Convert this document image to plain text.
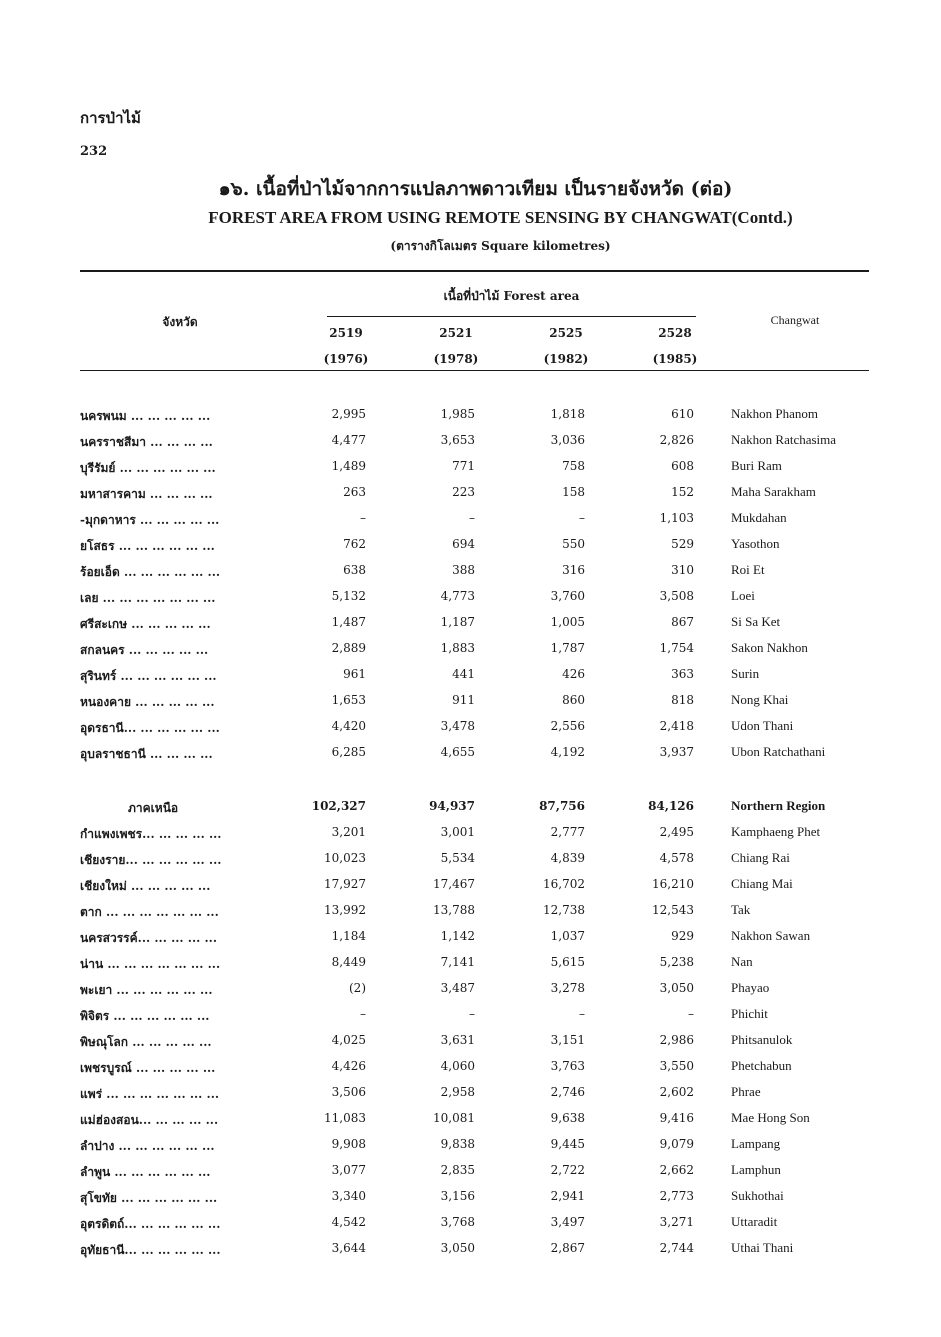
การป่าไม้
232
๑๖. เนื้อที่ป่าไม้จากการแปลภาพดาวเทียม เป็นรายจังหวัด (ต่อ)
FOREST AREA FROM USING REMOTE SENSING BY CHANGWAT(Contd.)
(ตารางกิโลเมตร Square kilometres)
จังหวัด
เนื้อที่ป่าไม้ Forest area
Changwat
2519
(1976)
2521
(1978)
2525
(1982)
2528
(1985)
นครพนม ... ... ... ... ...	2,995	1,985	1,818	610	Nakhon Phanom
นครราชสีมา ... ... ... ...	4,477	3,653	3,036	2,826	Nakhon Ratchasima
บุรีรัมย์ ... ... ... ... ... ...	1,489	771	758	608	Buri Ram
มหาสารคาม ... ... ... ...	263	223	158	152	Maha Sarakham
-มุกดาหาร ... ... ... ... ...	–	–	–	1,103	Mukdahan
ยโสธร ... ... ... ... ... ...	762	694	550	529	Yasothon
ร้อยเอ็ด ... ... ... ... ... ...	638	388	316	310	Roi Et
เลย ... ... ... ... ... ... ...	5,132	4,773	3,760	3,508	Loei
ศรีสะเกษ ... ... ... ... ...	1,487	1,187	1,005	867	Si Sa Ket
สกลนคร ... ... ... ... ...	2,889	1,883	1,787	1,754	Sakon Nakhon
สุรินทร์ ... ... ... ... ... ...	961	441	426	363	Surin
หนองคาย ... ... ... ... ...	1,653	911	860	818	Nong Khai
อุดรธานี... ... ... ... ... ...	4,420	3,478	2,556	2,418	Udon Thani
อุบลราชธานี ... ... ... ...	6,285	4,655	4,192	3,937	Ubon Ratchathani
ภาคเหนือ	102,327	94,937	87,756	84,126	Northern Region
กำแพงเพชร... ... ... ... ...	3,201	3,001	2,777	2,495	Kamphaeng Phet
เชียงราย... ... ... ... ... ...	10,023	5,534	4,839	4,578	Chiang Rai
เชียงใหม่ ... ... ... ... ...	17,927	17,467	16,702	16,210	Chiang Mai
ตาก ... ... ... ... ... ... ...	13,992	13,788	12,738	12,543	Tak
นครสวรรค์... ... ... ... ...	1,184	1,142	1,037	929	Nakhon Sawan
น่าน ... ... ... ... ... ... ...	8,449	7,141	5,615	5,238	Nan
พะเยา ... ... ... ... ... ...	(2)	3,487	3,278	3,050	Phayao
พิจิตร ... ... ... ... ... ...	–	–	–	–	Phichit
พิษณุโลก ... ... ... ... ...	4,025	3,631	3,151	2,986	Phitsanulok
เพชรบูรณ์ ... ... ... ... ...	4,426	4,060	3,763	3,550	Phetchabun
แพร่ ... ... ... ... ... ... ...	3,506	2,958	2,746	2,602	Phrae
แม่ฮ่องสอน... ... ... ... ...	11,083	10,081	9,638	9,416	Mae Hong Son
ลำปาง ... ... ... ... ... ...	9,908	9,838	9,445	9,079	Lampang
ลำพูน ... ... ... ... ... ...	3,077	2,835	2,722	2,662	Lamphun
สุโขทัย ... ... ... ... ... ...	3,340	3,156	2,941	2,773	Sukhothai
อุตรดิตถ์... ... ... ... ... ...	4,542	3,768	3,497	3,271	Uttaradit
อุทัยธานี... ... ... ... ... ...	3,644	3,050	2,867	2,744	Uthai Thani
